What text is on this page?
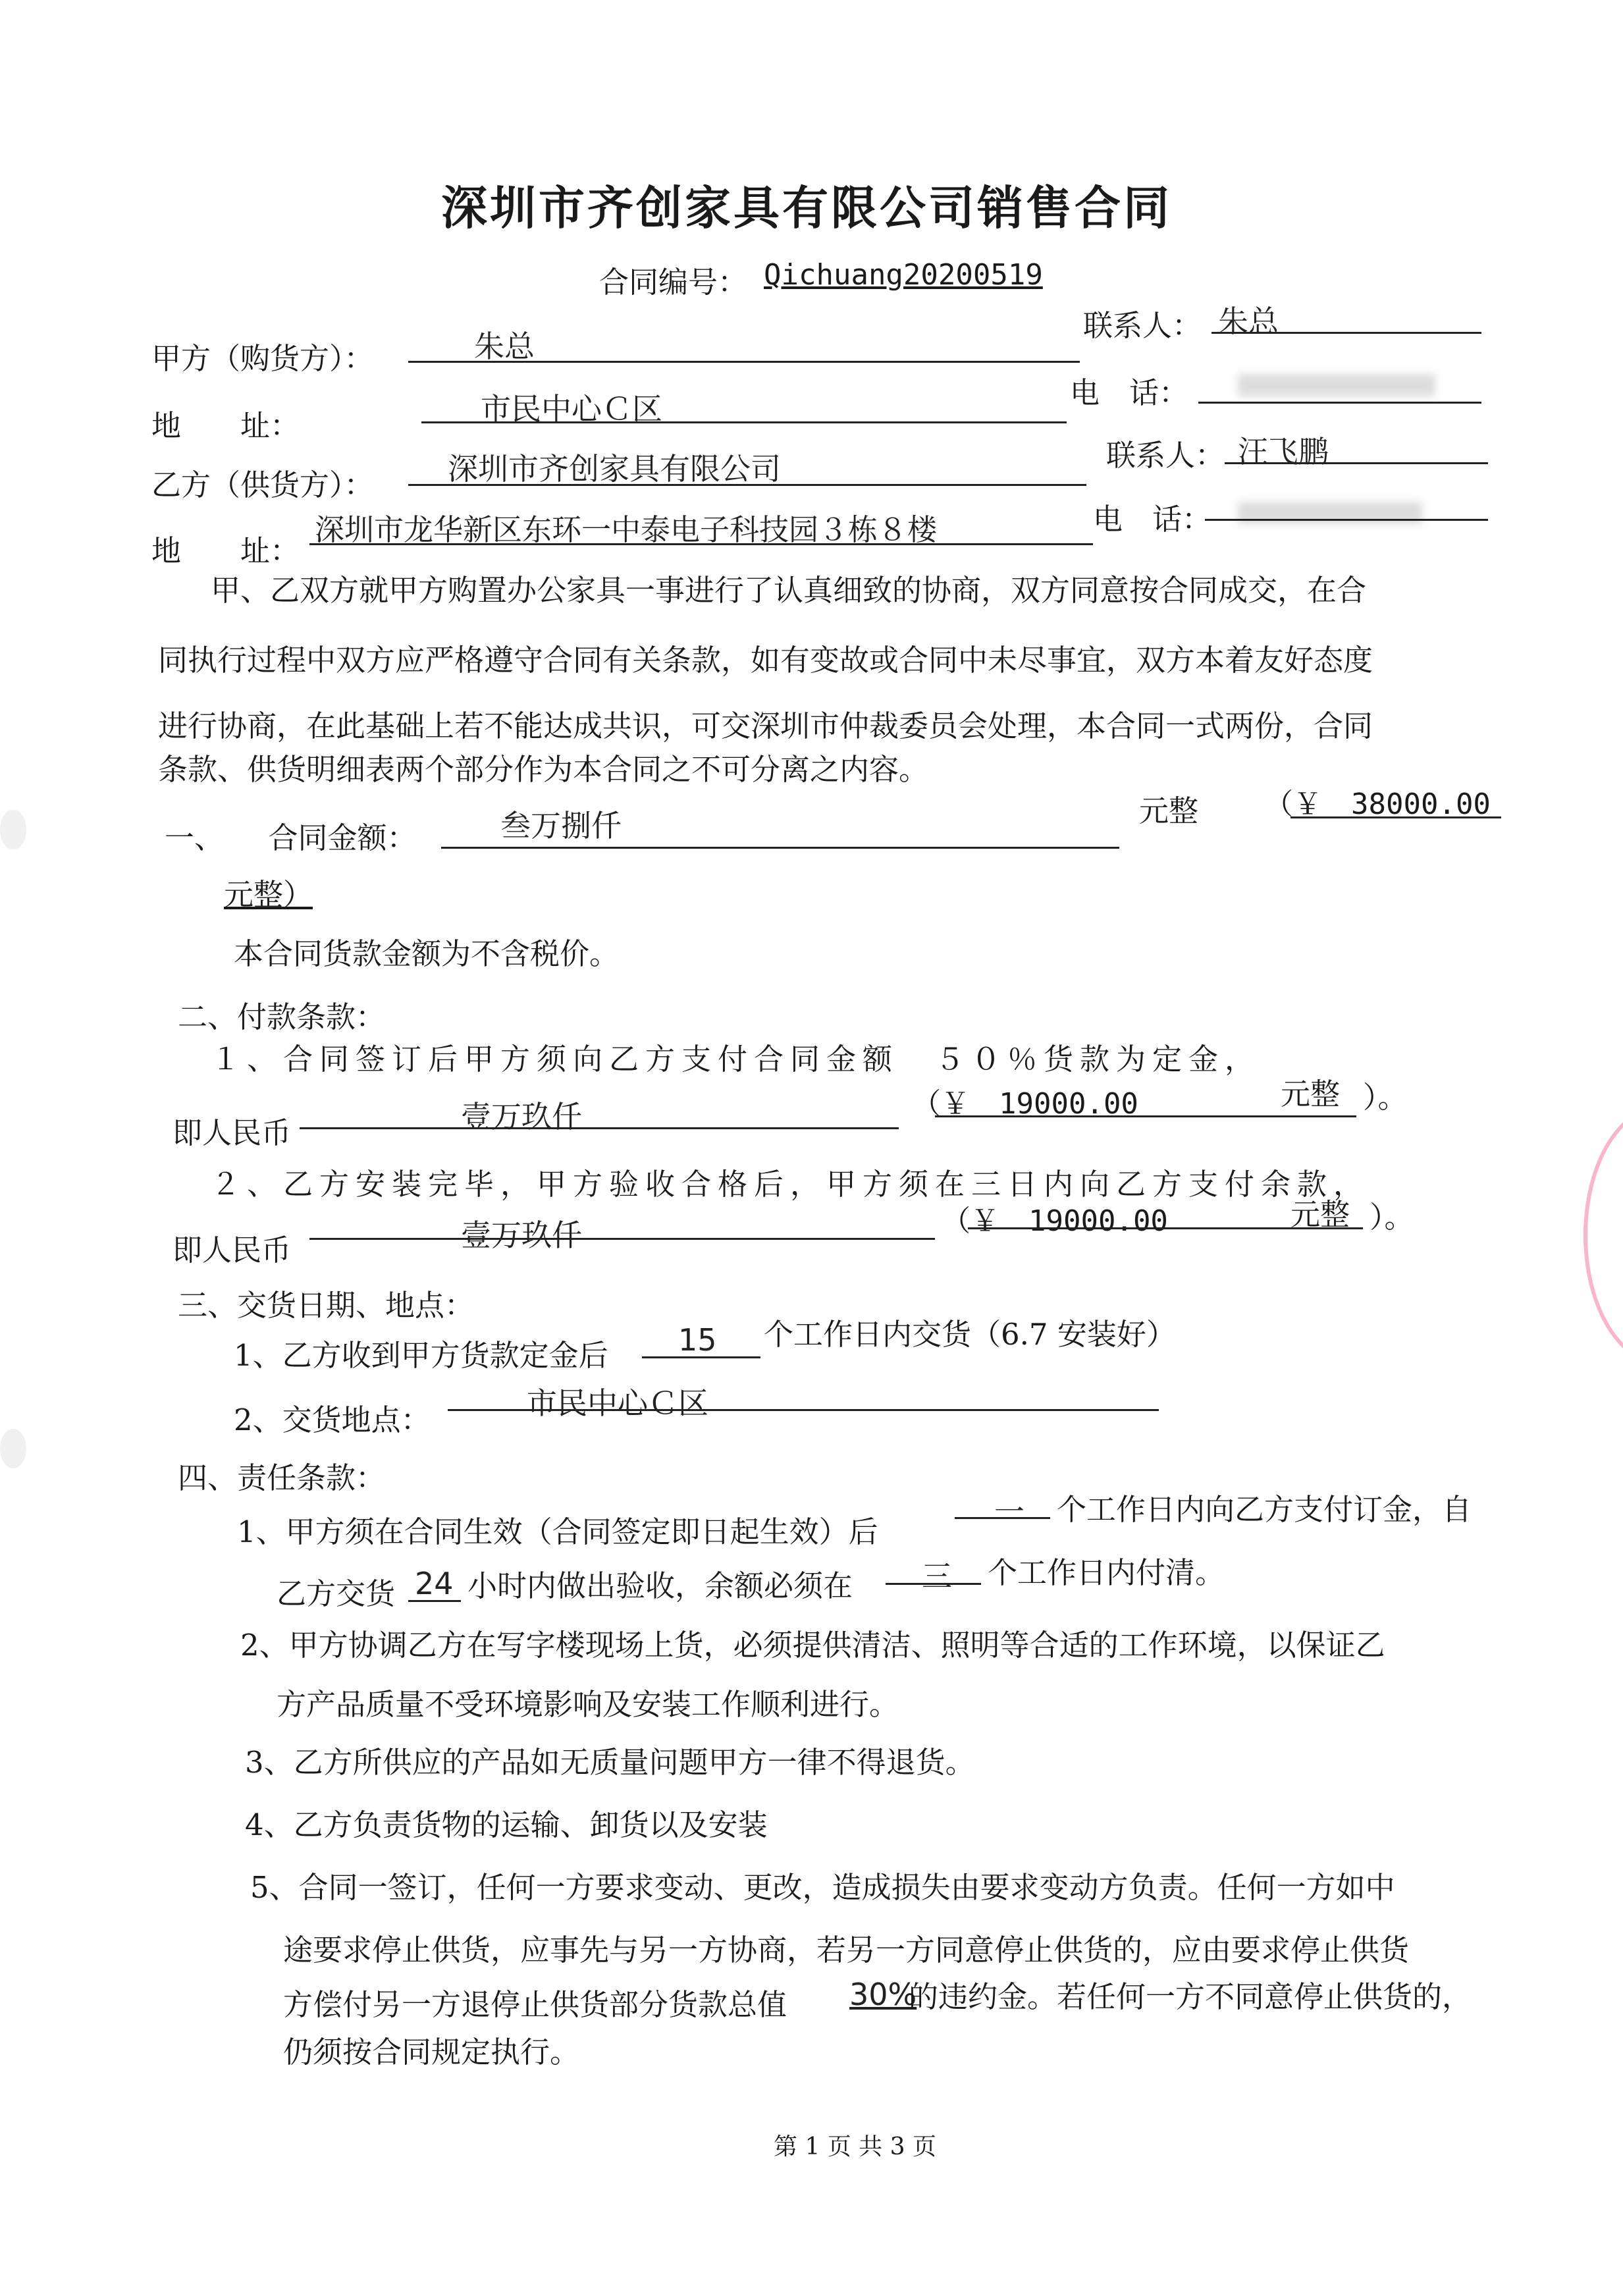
深圳市齐创家具有限公司销售合同
合同编号： Qichuang20200519
甲方（购货方）：	朱总
联系人： 朱总
地　　址：	市民中心Ｃ区	电　话：
乙方（供货方）： 深圳市齐创家具有限公司	联系人： 汪飞鹏
地　　址：
深圳市龙华新区东环一中泰电子科技园３栋８楼	电　话：
甲、乙双方就甲方购置办公家具一事进行了认真细致的协商，双方同意按合同成交，在合
同执行过程中双方应严格遵守合同有关条款，如有变故或合同中未尽事宜，双方本着友好态度
进行协商，在此基础上若不能达成共识，可交深圳市仲裁委员会处理，本合同一式两份，合同
条款、供货明细表两个部分作为本合同之不可分离之内容。
一、　　合同金额：	叁万捌仟	元整 （￥　38000.00
元整）
本合同货款金额为不含税价。
二、付款条款：
１、合同签订后甲方须向乙方支付合同金额　５０％货款为定金，
即人民币	壹万玖仟	（￥　19000.00	元整 ）。
２、乙方安装完毕，甲方验收合格后，甲方须在三日内向乙方支付余款，
即人民币	壹万玖仟	（￥　19000.00	元整 ）。
三、交货日期、地点：
1、乙方收到甲方货款定金后 15 个工作日内交货（6.7 安装好）
2、交货地点：	市民中心Ｃ区
四、责任条款：
1、甲方须在合同生效（合同签定即日起生效）后
一 个工作日内向乙方支付订金，自
乙方交货 24 小时内做出验收，余额必须在 三 个工作日内付清。
2、甲方协调乙方在写字楼现场上货，必须提供清洁、照明等合适的工作环境，以保证乙
方产品质量不受环境影响及安装工作顺利进行。
3、乙方所供应的产品如无质量问题甲方一律不得退货。
4、乙方负责货物的运输、卸货以及安装
5、合同一签订，任何一方要求变动、更改，造成损失由要求变动方负责。任何一方如中
途要求停止供货，应事先与另一方协商，若另一方同意停止供货的，应由要求停止供货
方偿付另一方退停止供货部分货款总值 30%
的违约金。若任何一方不同意停止供货的，
仍须按合同规定执行。
第 1 页 共 3 页
